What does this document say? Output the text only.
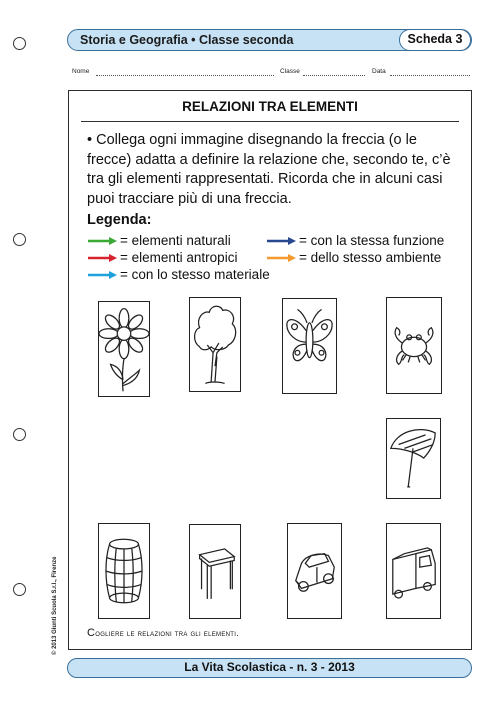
Storia e Geografia • Classe seconda	Scheda 3
Nome	Classe	Data
RELAZIONI TRA ELEMENTI
• Collega ogni immagine disegnando la freccia (o le frecce) adatta a definire la relazione che, secondo te, c’è tra gli elementi rappresentati. Ricorda che in alcuni casi puoi tracciare più di una freccia.
Legenda:
= elementi naturali	= con la stessa funzione
= elementi antropici	= dello stesso ambiente
= con lo stesso materiale
Cogliere le relazioni tra gli elementi.
© 2013 Giunti Scuola S.r.l., Firenze
La Vita Scolastica - n. 3 - 2013
